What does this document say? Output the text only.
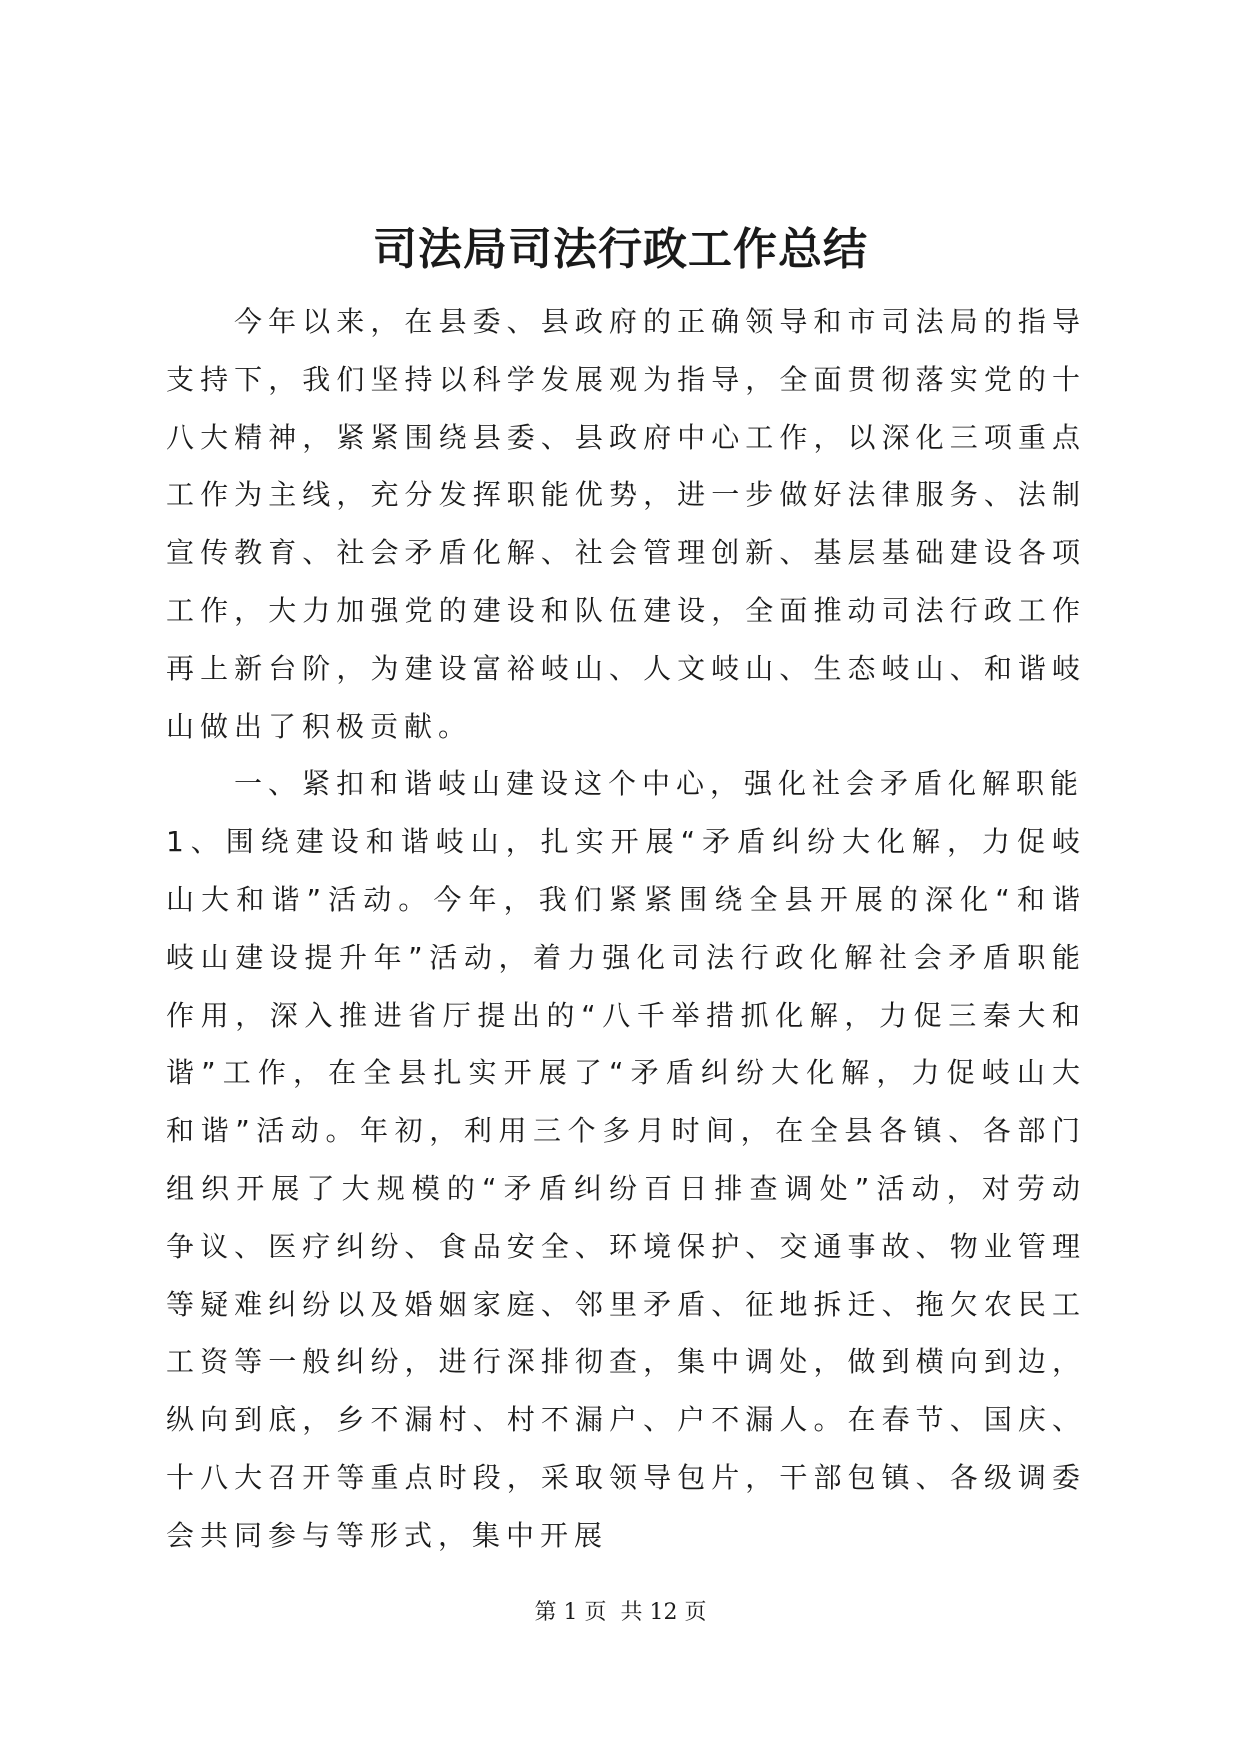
司法局司法行政工作总结

今年以来，在县委、县政府的正确领导和市司法局的指导支持下，我们坚持以科学发展观为指导，全面贯彻落实党的十八大精神，紧紧围绕县委、县政府中心工作，以深化三项重点工作为主线，充分发挥职能优势，进一步做好法律服务、法制宣传教育、社会矛盾化解、社会管理创新、基层基础建设各项工作，大力加强党的建设和队伍建设，全面推动司法行政工作再上新台阶，为建设富裕岐山、人文岐山、生态岐山、和谐岐山做出了积极贡献。

一、紧扣和谐岐山建设这个中心，强化社会矛盾化解职能

1、围绕建设和谐岐山，扎实开展“矛盾纠纷大化解，力促岐山大和谐”活动。今年，我们紧紧围绕全县开展的深化“和谐岐山建设提升年”活动，着力强化司法行政化解社会矛盾职能作用，深入推进省厅提出的“八千举措抓化解，力促三秦大和谐”工作，在全县扎实开展了“矛盾纠纷大化解，力促岐山大和谐”活动。年初，利用三个多月时间，在全县各镇、各部门组织开展了大规模的“矛盾纠纷百日排查调处”活动，对劳动争议、医疗纠纷、食品安全、环境保护、交通事故、物业管理等疑难纠纷以及婚姻家庭、邻里矛盾、征地拆迁、拖欠农民工工资等一般纠纷，进行深排彻查，集中调处，做到横向到边，纵向到底，乡不漏村、村不漏户、户不漏人。在春节、国庆、十八大召开等重点时段，采取领导包片，干部包镇、各级调委会共同参与等形式，集中开展

第 1 页 共 12 页
